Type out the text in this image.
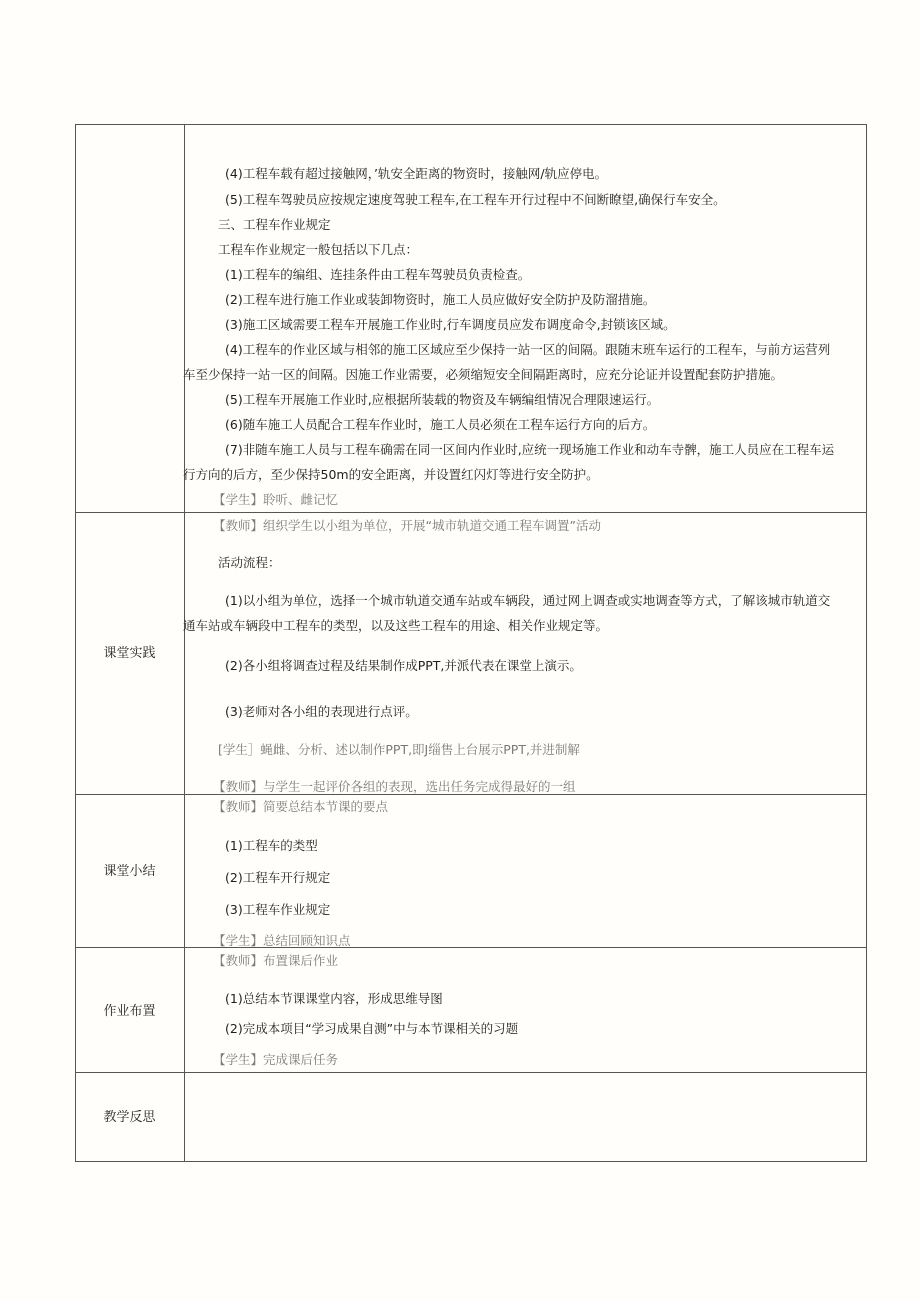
(4)工程车载有超过接触网，’轨安全距离的物资时，接触网/轨应停电。
(5)工程车驾驶员应按规定速度驾驶工程车,在工程车开行过程中不间断瞭望,确保行车安全。
三、工程车作业规定
工程车作业规定一般包括以下几点：
(1)工程车的编组、连挂条件由工程车驾驶员负责检查。
(2)工程车进行施工作业或装卸物资时，施工人员应做好安全防护及防溜措施。
(3)施工区域需要工程车开展施工作业时,行车调度员应发布调度命令,封锁该区域。
(4)工程车的作业区域与相邻的施工区域应至少保持一站一区的间隔。跟随末班车运行的工程车，与前方运营列
车至少保持一站一区的间隔。因施工作业需要，必须缩短安全间隔距离时，应充分论证并设置配套防护措施。
(5)工程车开展施工作业时,应根据所装载的物资及车辆编组情况合理限速运行。
(6)随车施工人员配合工程车作业时，施工人员必须在工程车运行方向的后方。
(7)非随车施工人员与工程车确需在同一区间内作业时,应统一现场施工作业和动车寺髀，施工人员应在工程车运
行方向的后方，至少保持50m的安全距离，并设置红闪灯等进行安全防护。
【学生】聆听、雌记忆
课堂实践
【教师】组织学生以小组为单位，开展“城市轨道交通工程车调置”活动
活动流程：
(1)以小组为单位，选择一个城市轨道交通车站或车辆段，通过网上调查或实地调查等方式，了解该城市轨道交
通车站或车辆段中工程车的类型，以及这些工程车的用途、相关作业规定等。
(2)各小组将调查过程及结果制作成PPT,并派代表在课堂上演示。
(3)老师对各小组的表现进行点评。
[学生］蝇雌、分析、述以制作PPT,即J缁售上台展示PPT,并进制解
【教师】与学生一起评价各组的表现，选出任务完成得最好的一组
课堂小结
【教师】简要总结本节课的要点
(1)工程车的类型
(2)工程车开行规定
(3)工程车作业规定
【学生】总结回顾知识点
作业布置
【教师】布置课后作业
(1)总结本节课课堂内容，形成思维导图
(2)完成本项目“学习成果自测”中与本节课相关的习题
【学生】完成课后任务
教学反思
